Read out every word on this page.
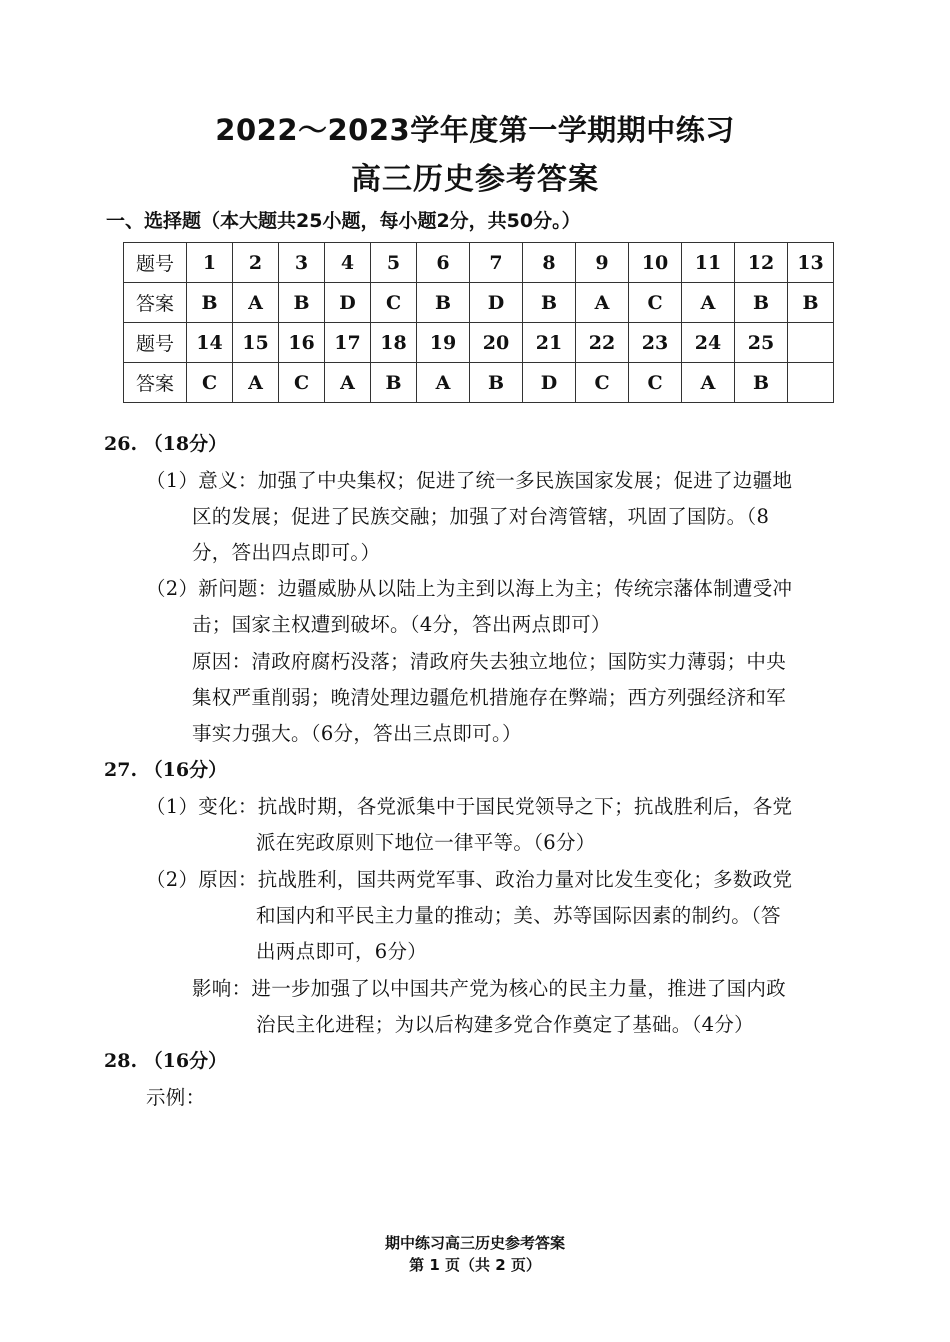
2022～2023学年度第一学期期中练习
高三历史参考答案
一、选择题（本大题共25小题，每小题2分，共50分。）
题号	1	2	3	4	5	6	7	8	9	10	11	12	13
答案	B	A	B	D	C	B	D	B	A	C	A	B	B
题号	14	15	16	17	18	19	20	21	22	23	24	25	
答案	C	A	C	A	B	A	B	D	C	C	A	B	
26. （18分）
（1）意义：加强了中央集权；促进了统一多民族国家发展；促进了边疆地
区的发展；促进了民族交融；加强了对台湾管辖，巩固了国防。（8
分，答出四点即可。）
（2）新问题：边疆威胁从以陆上为主到以海上为主；传统宗藩体制遭受冲
击；国家主权遭到破坏。（4分，答出两点即可）
原因：清政府腐朽没落；清政府失去独立地位；国防实力薄弱；中央
集权严重削弱；晚清处理边疆危机措施存在弊端；西方列强经济和军
事实力强大。（6分，答出三点即可。）
27. （16分）
（1）变化：抗战时期，各党派集中于国民党领导之下；抗战胜利后，各党
派在宪政原则下地位一律平等。（6分）
（2）原因：抗战胜利，国共两党军事、政治力量对比发生变化；多数政党
和国内和平民主力量的推动；美、苏等国际因素的制约。（答
出两点即可，6分）
影响：进一步加强了以中国共产党为核心的民主力量，推进了国内政
治民主化进程；为以后构建多党合作奠定了基础。（4分）
28. （16分）
示例：
期中练习高三历史参考答案
第 1 页（共 2 页）
